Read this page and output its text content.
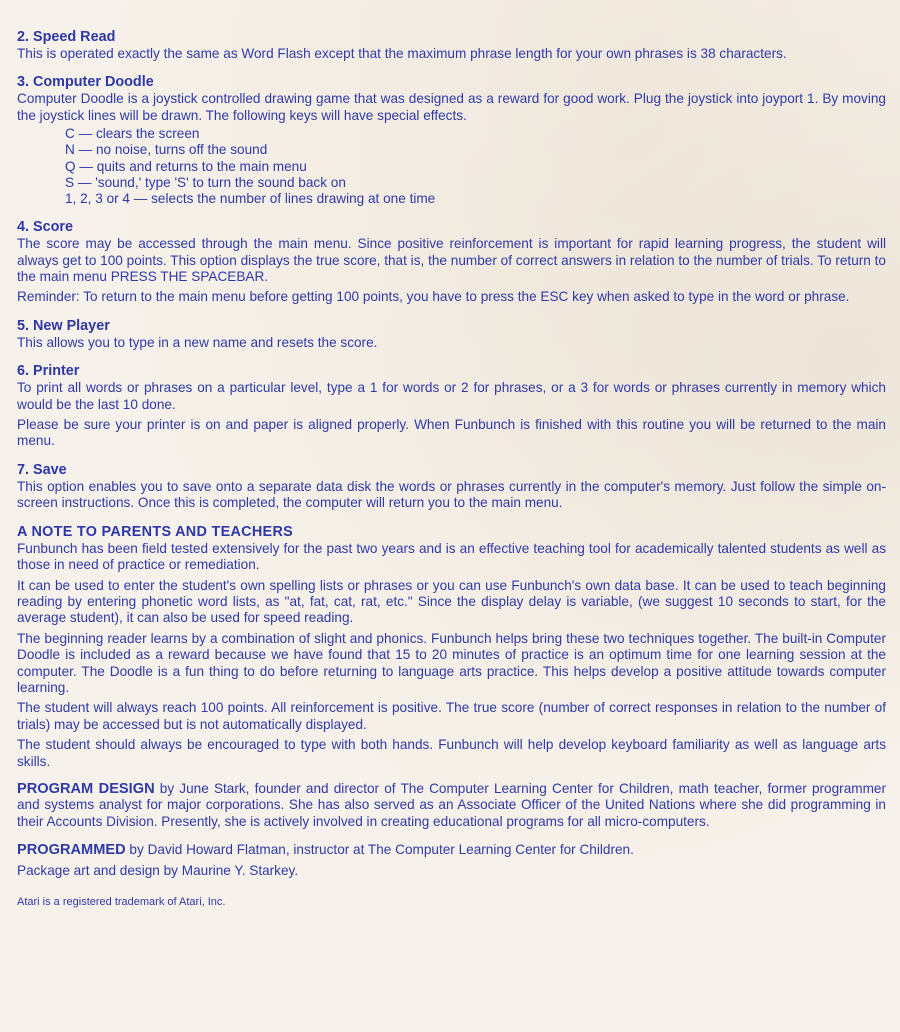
2. Speed Read

This is operated exactly the same as Word Flash except that the maximum phrase length for your own phrases is 38 characters.

3. Computer Doodle

Computer Doodle is a joystick controlled drawing game that was designed as a reward for good work. Plug the joystick into joyport 1. By moving the joystick lines will be drawn. The following keys will have special effects.

C — clears the screen
N — no noise, turns off the sound
Q — quits and returns to the main menu
S — 'sound,' type 'S' to turn the sound back on
1, 2, 3 or 4 — selects the number of lines drawing at one time
4. Score

The score may be accessed through the main menu. Since positive reinforcement is important for rapid learning progress, the student will always get to 100 points. This option displays the true score, that is, the number of correct answers in relation to the number of trials. To return to the main menu PRESS THE SPACEBAR.

Reminder: To return to the main menu before getting 100 points, you have to press the ESC key when asked to type in the word or phrase.

5. New Player

This allows you to type in a new name and resets the score.

6. Printer

To print all words or phrases on a particular level, type a 1 for words or 2 for phrases, or a 3 for words or phrases currently in memory which would be the last 10 done.

Please be sure your printer is on and paper is aligned properly. When Funbunch is finished with this routine you will be returned to the main menu.

7. Save

This option enables you to save onto a separate data disk the words or phrases currently in the computer's memory. Just follow the simple on-screen instructions. Once this is completed, the computer will return you to the main menu.

A NOTE TO PARENTS AND TEACHERS

Funbunch has been field tested extensively for the past two years and is an effective teaching tool for academically talented students as well as those in need of practice or remediation.

It can be used to enter the student's own spelling lists or phrases or you can use Funbunch's own data base. It can be used to teach beginning reading by entering phonetic word lists, as "at, fat, cat, rat, etc." Since the display delay is variable, (we suggest 10 seconds to start, for the average student), it can also be used for speed reading.

The beginning reader learns by a combination of slight and phonics. Funbunch helps bring these two techniques together. The built-in Computer Doodle is included as a reward because we have found that 15 to 20 minutes of practice is an optimum time for one learning session at the computer. The Doodle is a fun thing to do before returning to language arts practice. This helps develop a positive attitude towards computer learning.

The student will always reach 100 points. All reinforcement is positive. The true score (number of correct responses in relation to the number of trials) may be accessed but is not automatically displayed.

The student should always be encouraged to type with both hands. Funbunch will help develop keyboard familiarity as well as language arts skills.

PROGRAM DESIGN by June Stark, founder and director of The Computer Learning Center for Children, math teacher, former programmer and systems analyst for major corporations. She has also served as an Associate Officer of the United Nations where she did programming in their Accounts Division. Presently, she is actively involved in creating educational programs for all micro-computers.

PROGRAMMED by David Howard Flatman, instructor at The Computer Learning Center for Children.

Package art and design by Maurine Y. Starkey.

Atari is a registered trademark of Atari, Inc.
